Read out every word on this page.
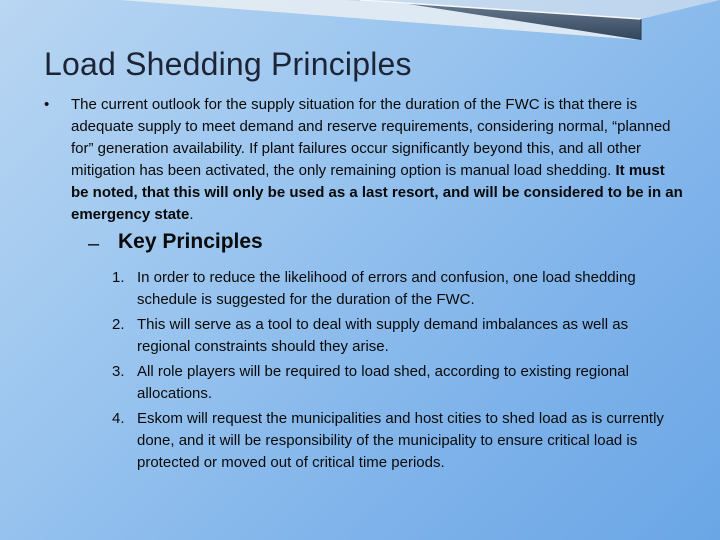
Load Shedding Principles
•	The current outlook for the supply situation for the duration of the FWC is that there is adequate supply to meet demand and reserve requirements, considering normal, “planned for” generation availability. If plant failures occur significantly beyond this, and all other mitigation has been activated, the only remaining option is manual load shedding. It must be noted, that this will only be used as a last resort, and will be considered to be in an emergency state.

– Key Principles
1. In order to reduce the likelihood of errors and confusion, one load shedding schedule is suggested for the duration of the FWC.
2. This will serve as a tool to deal with supply demand imbalances as well as regional constraints should they arise.
3. All role players will be required to load shed, according to existing regional allocations.
4. Eskom will request the municipalities and host cities to shed load as is currently done, and it will be responsibility of the municipality to ensure critical load is protected or moved out of critical time periods.
